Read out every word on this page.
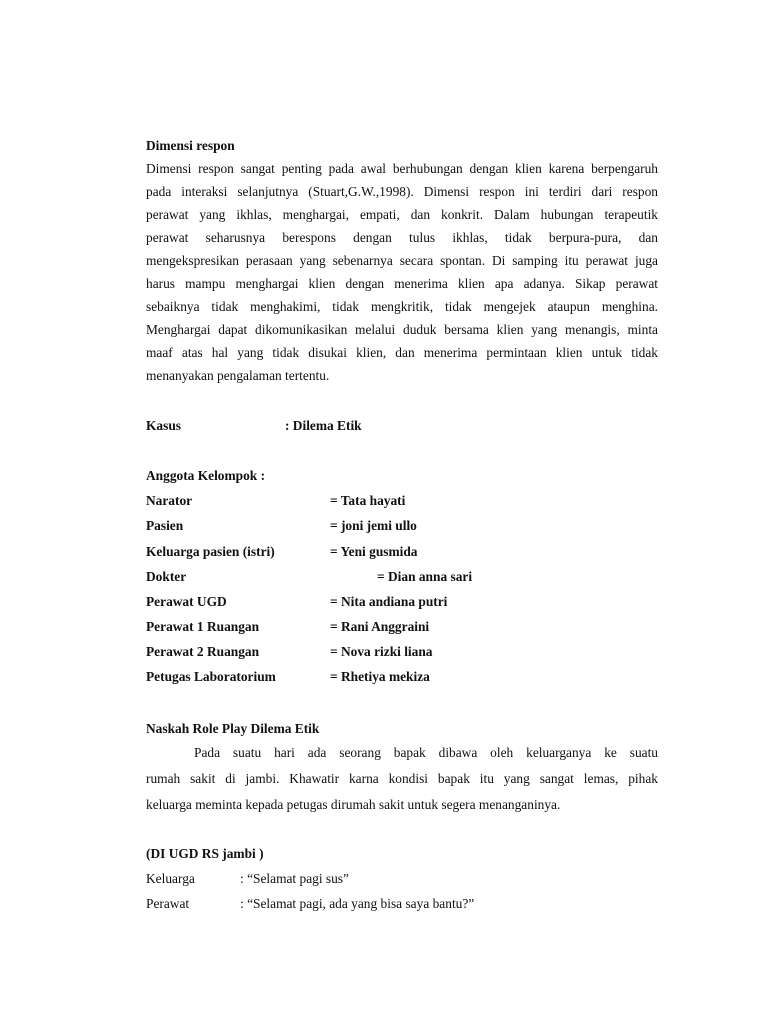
Dimensi respon
Dimensi respon sangat penting pada awal berhubungan dengan klien karena berpengaruh
pada interaksi selanjutnya (Stuart,G.W.,1998). Dimensi respon ini terdiri dari respon
perawat yang ikhlas, menghargai, empati, dan konkrit. Dalam hubungan terapeutik
perawat seharusnya berespons dengan tulus ikhlas, tidak berpura-pura, dan
mengekspresikan perasaan yang sebenarnya secara spontan. Di samping itu perawat juga
harus mampu menghargai klien dengan menerima klien apa adanya. Sikap perawat
sebaiknya tidak menghakimi, tidak mengkritik, tidak mengejek ataupun menghina.
Menghargai dapat dikomunikasikan melalui duduk bersama klien yang menangis, minta
maaf atas hal yang tidak disukai klien, dan menerima permintaan klien untuk tidak
menanyakan pengalaman tertentu.
Kasus	: Dilema Etik
Anggota Kelompok :
Narator	= Tata hayati
Pasien	= joni jemi ullo
Keluarga pasien (istri)	= Yeni gusmida
Dokter	= Dian anna sari
Perawat UGD	= Nita andiana putri
Perawat 1 Ruangan	= Rani Anggraini
Perawat 2 Ruangan	= Nova rizki liana
Petugas Laboratorium	= Rhetiya mekiza
Naskah Role Play Dilema Etik
Pada suatu hari ada seorang bapak dibawa oleh keluarganya ke suatu
rumah sakit di jambi. Khawatir karna kondisi bapak itu yang sangat lemas, pihak
keluarga meminta kepada petugas dirumah sakit untuk segera menanganinya.
(DI UGD RS jambi )
Keluarga	: “Selamat pagi sus”
Perawat	: “Selamat pagi, ada yang bisa saya bantu?”
